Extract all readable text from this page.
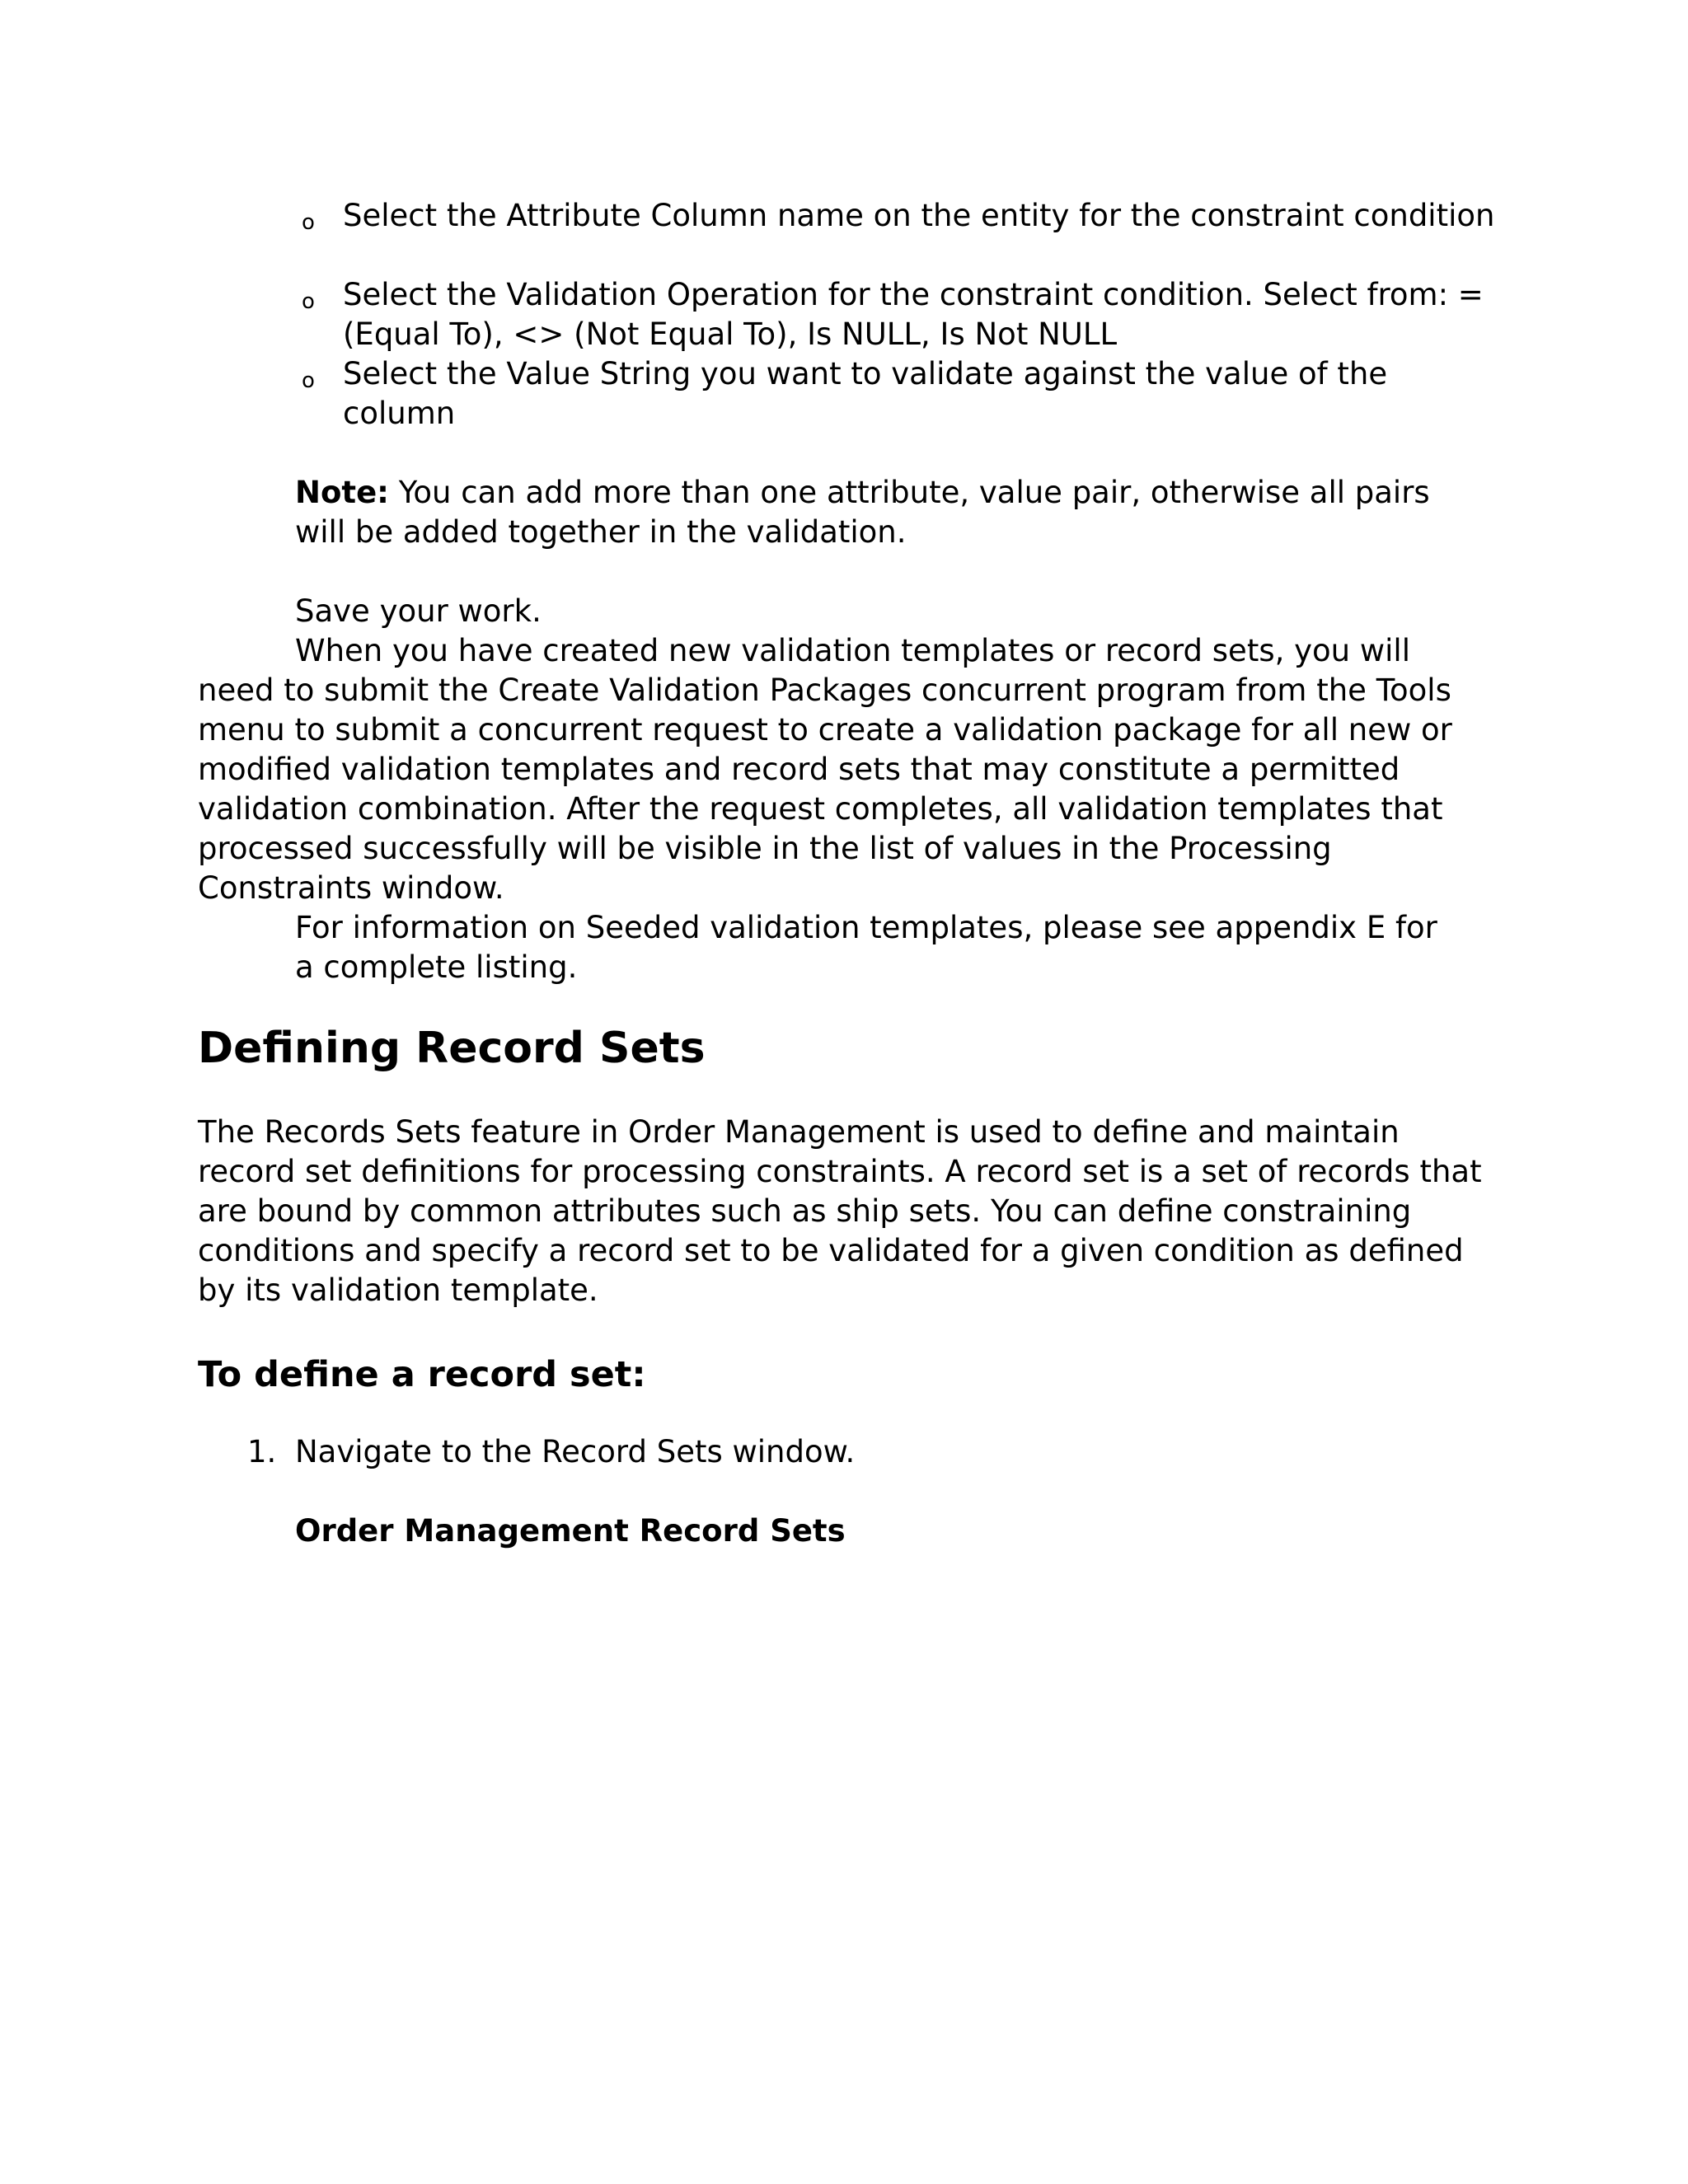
o Select the Attribute Column name on the entity for the constraint condition
o Select the Validation Operation for the constraint condition. Select from: = (Equal To), <> (Not Equal To), Is NULL, Is Not NULL
o Select the Value String you want to validate against the value of the column

Note: You can add more than one attribute, value pair, otherwise all pairs will be added together in the validation.

Save your work.

When you have created new validation templates or record sets, you will need to submit the Create Validation Packages concurrent program from the Tools menu to submit a concurrent request to create a validation package for all new or modified validation templates and record sets that may constitute a permitted validation combination. After the request completes, all validation templates that processed successfully will be visible in the list of values in the Processing Constraints window.

For information on Seeded validation templates, please see appendix E for a complete listing.

Defining Record Sets

The Records Sets feature in Order Management is used to define and maintain record set definitions for processing constraints. A record set is a set of records that are bound by common attributes such as ship sets. You can define constraining conditions and specify a record set to be validated for a given condition as defined by its validation template.

To define a record set:
1. Navigate to the Record Sets window.

Order Management Record Sets
